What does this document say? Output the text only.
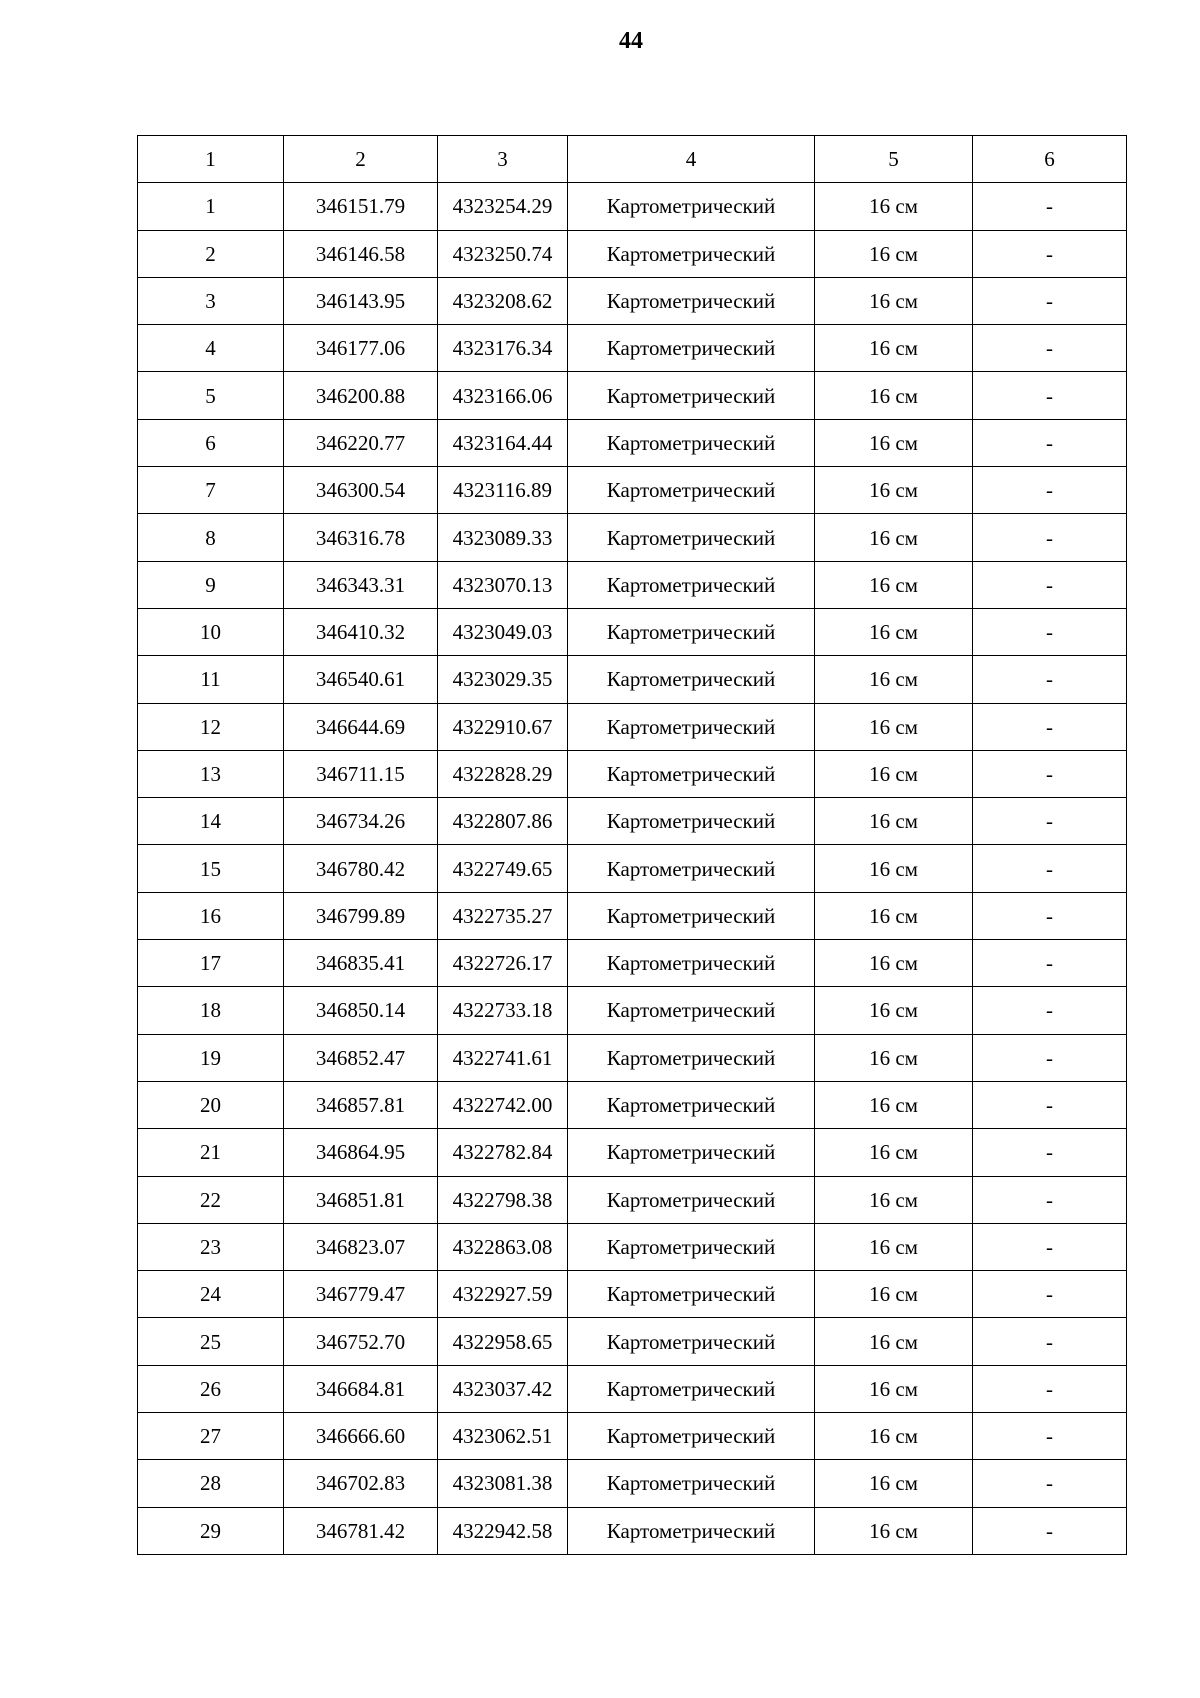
44
1	2	3	4	5	6
1	346151.79	4323254.29	Картометрический	16 см	-
2	346146.58	4323250.74	Картометрический	16 см	-
3	346143.95	4323208.62	Картометрический	16 см	-
4	346177.06	4323176.34	Картометрический	16 см	-
5	346200.88	4323166.06	Картометрический	16 см	-
6	346220.77	4323164.44	Картометрический	16 см	-
7	346300.54	4323116.89	Картометрический	16 см	-
8	346316.78	4323089.33	Картометрический	16 см	-
9	346343.31	4323070.13	Картометрический	16 см	-
10	346410.32	4323049.03	Картометрический	16 см	-
11	346540.61	4323029.35	Картометрический	16 см	-
12	346644.69	4322910.67	Картометрический	16 см	-
13	346711.15	4322828.29	Картометрический	16 см	-
14	346734.26	4322807.86	Картометрический	16 см	-
15	346780.42	4322749.65	Картометрический	16 см	-
16	346799.89	4322735.27	Картометрический	16 см	-
17	346835.41	4322726.17	Картометрический	16 см	-
18	346850.14	4322733.18	Картометрический	16 см	-
19	346852.47	4322741.61	Картометрический	16 см	-
20	346857.81	4322742.00	Картометрический	16 см	-
21	346864.95	4322782.84	Картометрический	16 см	-
22	346851.81	4322798.38	Картометрический	16 см	-
23	346823.07	4322863.08	Картометрический	16 см	-
24	346779.47	4322927.59	Картометрический	16 см	-
25	346752.70	4322958.65	Картометрический	16 см	-
26	346684.81	4323037.42	Картометрический	16 см	-
27	346666.60	4323062.51	Картометрический	16 см	-
28	346702.83	4323081.38	Картометрический	16 см	-
29	346781.42	4322942.58	Картометрический	16 см	-
